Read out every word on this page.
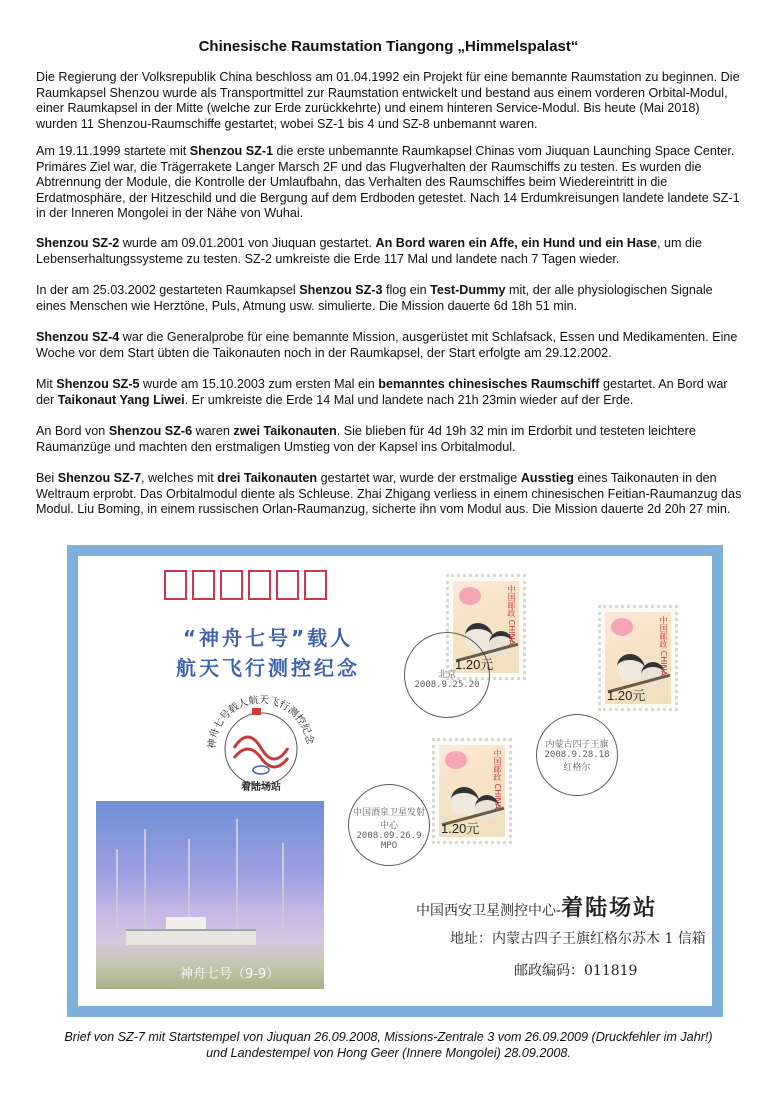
Chinesische Raumstation Tiangong „Himmelspalast“
Die Regierung der Volksrepublik China beschloss am 01.04.1992 ein Projekt für eine bemannte Raumstation zu beginnen. Die Raumkapsel Shenzou wurde als Transportmittel zur Raumstation entwickelt und bestand aus einem vorderen Orbital-Modul, einer Raumkapsel in der Mitte (welche zur Erde zurückkehrte) und einem hinteren Service-Modul. Bis heute (Mai 2018) wurden 11 Shenzou-Raumschiffe gestartet, wobei SZ-1 bis 4 und SZ-8 unbemannt waren.
Am 19.11.1999 startete mit Shenzou SZ-1 die erste unbemannte Raumkapsel Chinas vom Jiuquan Launching Space Center. Primäres Ziel war, die Trägerrakete Langer Marsch 2F und das Flugverhalten der Raumschiffs zu testen. Es wurden die Abtrennung der Module, die Kontrolle der Umlaufbahn, das Verhalten des Raumschiffes beim Wiedereintritt in die Erdatmosphäre, der Hitzeschild und die Bergung auf dem Erdboden getestet. Nach 14 Erdumkreisungen landete landete SZ-1 in der Inneren Mongolei in der Nähe von Wuhai.
Shenzou SZ-2 wurde am 09.01.2001 von Jiuquan gestartet. An Bord waren ein Affe, ein Hund und ein Hase, um die Lebenserhaltungssysteme zu testen. SZ-2 umkreiste die Erde 117 Mal und landete nach 7 Tagen wieder.
In der am 25.03.2002 gestarteten Raumkapsel Shenzou SZ-3 flog ein Test-Dummy mit, der alle physiologischen Signale eines Menschen wie Herztöne, Puls, Atmung usw. simulierte. Die Mission dauerte 6d 18h 51 min.
Shenzou SZ-4 war die Generalprobe für eine bemannte Mission, ausgerüstet mit Schlafsack, Essen und Medikamenten. Eine Woche vor dem Start übten die Taikonauten noch in der Raumkapsel, der Start erfolgte am 29.12.2002.
Mit Shenzou SZ-5 wurde am 15.10.2003 zum ersten Mal ein bemanntes chinesisches Raumschiff gestartet. An Bord war der Taikonaut Yang Liwei. Er umkreiste die Erde 14 Mal und landete nach 21h 23min wieder auf der Erde.
An Bord von Shenzou SZ-6 waren zwei Taikonauten. Sie blieben für 4d 19h 32 min im Erdorbit und testeten leichtere Raumanzüge und machten den erstmaligen Umstieg von der Kapsel ins Orbitalmodul.
Bei Shenzou SZ-7, welches mit drei Taikonauten gestartet war, wurde der erstmalige Ausstieg eines Taikonauten in den Weltraum erprobt. Das Orbitalmodul diente als Schleuse. Zhai Zhigang verliess in einem chinesischen Feitian-Raumanzug das Modul. Liu Boming, in einem russischen Orlan-Raumanzug, sicherte ihn vom Modul aus. Die Mission dauerte 2d 20h 27 min.
“神舟七号”载人
航天飞行测控纪念
神舟七号载人航天飞行测控纪念
着陆场站
神舟七号（9-9）
中国邮政 CHINA
1.20元	中国邮政 CHINA
1.20元
中国邮政 CHINA
1.20元
北京 2008.9.25.20
内蒙古四子王旗 2008.9.28.18 红格尔
中国酒泉卫星发射中心 2008.09.26.9 MPO
中国西安卫星测控中心-着陆场站
地址：内蒙古四子王旗红格尔苏木 1 信箱
邮政编码：011819
Brief von SZ-7 mit Startstempel von Jiuquan 26.09.2008, Missions-Zentrale 3 vom 26.09.2009 (Druckfehler im Jahr!)
und Landestempel von Hong Geer (Innere Mongolei) 28.09.2008.
